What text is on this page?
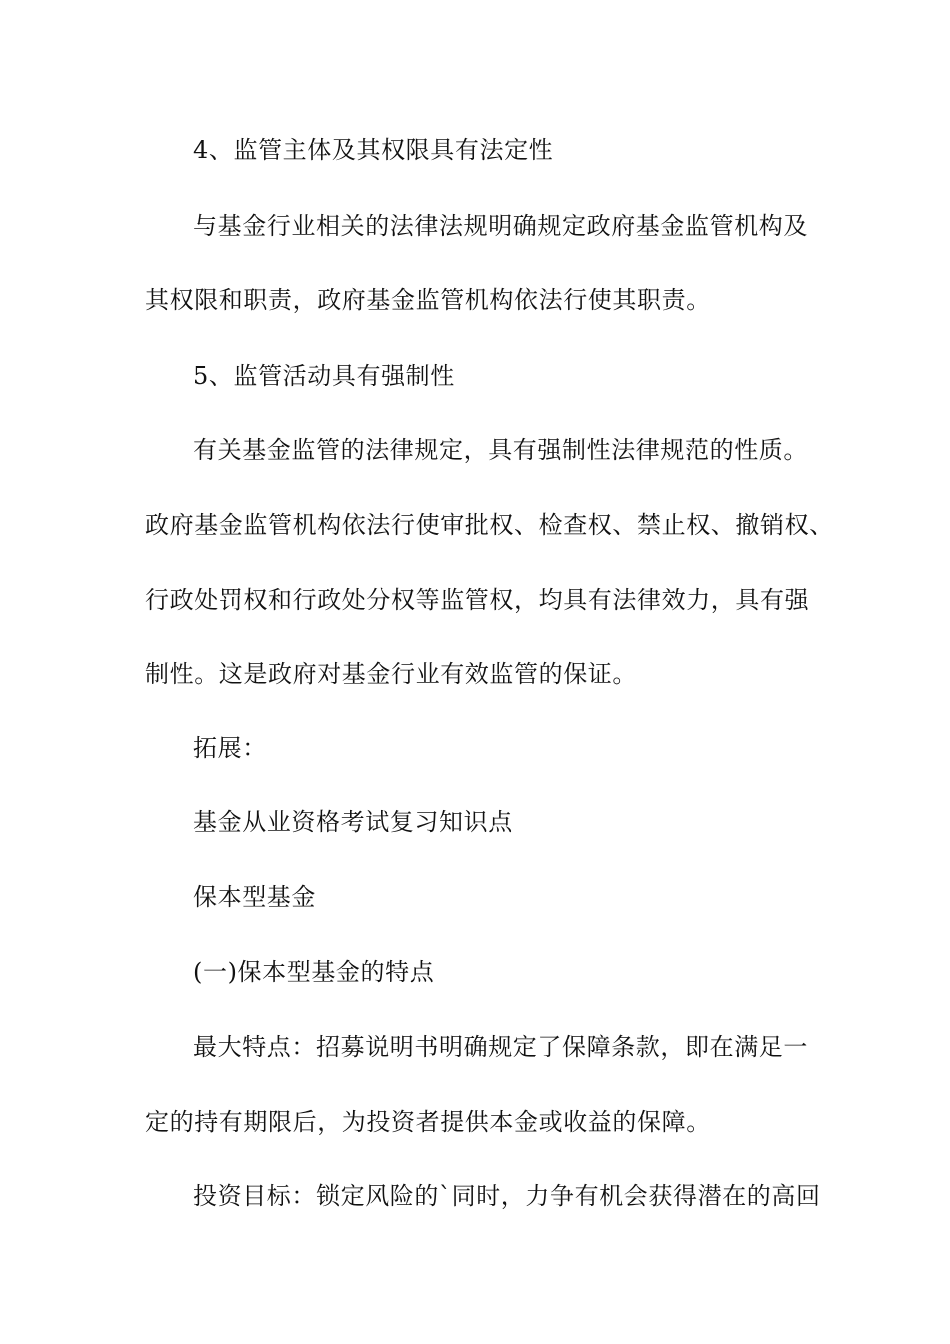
4、监管主体及其权限具有法定性
与基金行业相关的法律法规明确规定政府基金监管机构及
其权限和职责，政府基金监管机构依法行使其职责。
5、监管活动具有强制性
有关基金监管的法律规定，具有强制性法律规范的性质。
政府基金监管机构依法行使审批权、检查权、禁止权、撤销权、
行政处罚权和行政处分权等监管权，均具有法律效力，具有强
制性。这是政府对基金行业有效监管的保证。
拓展：
基金从业资格考试复习知识点
保本型基金
(一)保本型基金的特点
最大特点：招募说明书明确规定了保障条款，即在满足一
定的持有期限后，为投资者提供本金或收益的保障。
投资目标：锁定风险的`同时，力争有机会获得潜在的高回
